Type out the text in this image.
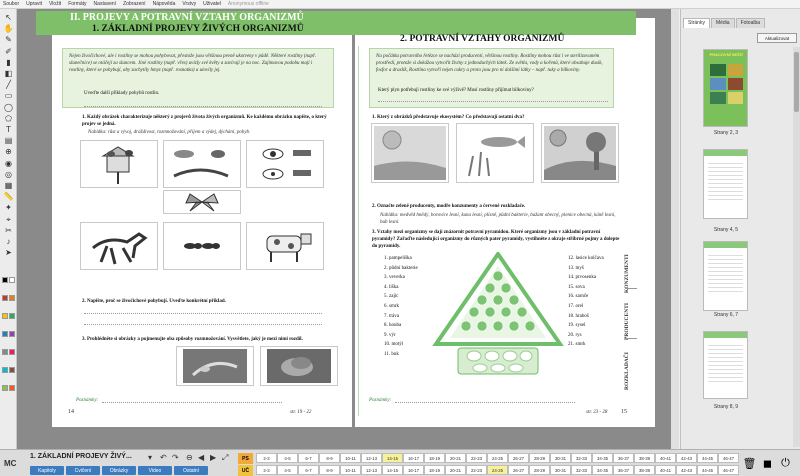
Soubor Upravit Vložit Formáty Nastavení Zobrazení Nápověda Vrstvy Uživatel Anonymous offline
↖
✋
✎
✐
▮
◧
╱
▭
◯
⬠
T
▤
⊕
◉
◎
▦
📏
✦
⌖
✂
♪
➤
II. PROJEVY A POTRAVNÍ VZTAHY ORGANIZMŮ
1. ZÁKLADNÍ PROJEVY ŽIVÝCH ORGANIZMŮ
2. POTRAVNÍ VZTAHY ORGANIZMŮ
Nejen živočichové, ale i rostliny se mohou pohybovat, přestože jsou většinou pevně ukotveny v půdě. Některé rostliny (např. slunečnice) se otáčejí za sluncem. Jiné rostliny (např. vřes) uvízly své květy a zavírají je na noc. Zajímavou podobu mají i rostliny, které se pohybují, aby zachytily hmyz (např. rosnatka) a ulovily jej.
Uveďte další příklady pohybů rostlin.
1. Každý obrázek charakterizuje některý z projevů života živých organizmů. Ke každému obrázku napište, o který projev se jedná.
Nabídka: růst a vývoj, dráždivost, rozmnožování, příjem a výdej, dýchání, pohyb.
2. Napište, proč se živočichové pohybují. Uveďte konkrétní příklad.
3. Prohlédněte si obrázky a pojmenujte oba způsoby rozmnožování. Vysvětlete, jaký je mezi nimi rozdíl.
Poznámky:
14	str. 19 - 22
Na počátku potravního řetězce se nachází producenti, většinou rostliny. Rostliny mohou růst i ve sterilizovaném prostředí, protože si dokážou vytvořit živiny z jednoduchých látek. Ze světla, vody a kořenů, které obsahuje dusík, fosfor a draslík, Rostlina vytvoří nejen cukry a proto jsou pro ni dalšími látky – např. tuky a bílkoviny.
Který plyn potřebují rostliny ke své výživě? Musí rostliny přijímat bílkoviny?
1. Který z obrázků představuje ekosystém? Co představují ostatní dva?
2. Označte zeleně producenty, modře konzumenty a červeně rozkladače.
Nabídka: medvěd hnědý, borovice lesní, kuna lesní, plísně, půdní bakterie, bažant obecný, plenice obecná, káně lesní, bub lesní.
3. Vztahy mezi organizmy se dají znázornit potravní pyramidou. Které organizmy jsou v základní potravní pyramidy? Zařaďte následující organizmy do různých pater pyramidy, vystihněte z okraje stříbrné pojmy a dolepte do pyramidy.
1. pampeliška
2. půdní bakterie
3. veverka
4. liška
5. zajíc
6. smrk
7. tráva
8. houba
9. výr
10. motýl
11. buk
12. lasice kolčava
13. myš
14. prvosenka
15. sova
16. sarnče
17. orel
18. hraboš
19. sysel
20. rys
21. smrk
KONZUMENTI
PRODUCENTI
ROZKLADAČI
Poznámky:
str. 23 - 28 15
Stránky	Média	Fotoalba
Aktualizovat
PRACOVNÍ SEŠIT
Strany 2, 3
Strany 4, 5
Strany 6, 7
Strany 8, 9
MC
1. ZÁKLADNÍ PROJEVY ŽIVÝ... ▾ ↶ ↷ ⊖ ◀ ▶ ⤢	PS
UČ
🗑 ◼ ⏻
Kapitoly	Cvičení	Obrázky	Video	Ostatní
2-3	4-5	6-7	8-9	10-11	12-13	14-15	16-17	18-19	20-21	22-23	24-25	26-27	28-29	30-31	32-33	34-35	36-37	38-39	40-41	42-43	44-45	46-47
2-3	4-5	6-7	8-9	10-11	12-13	14-15	16-17	18-19	20-21	22-23	24-25	26-27	28-29	30-31	32-33	34-35	36-37	38-39	40-41	42-43	44-45	46-47
